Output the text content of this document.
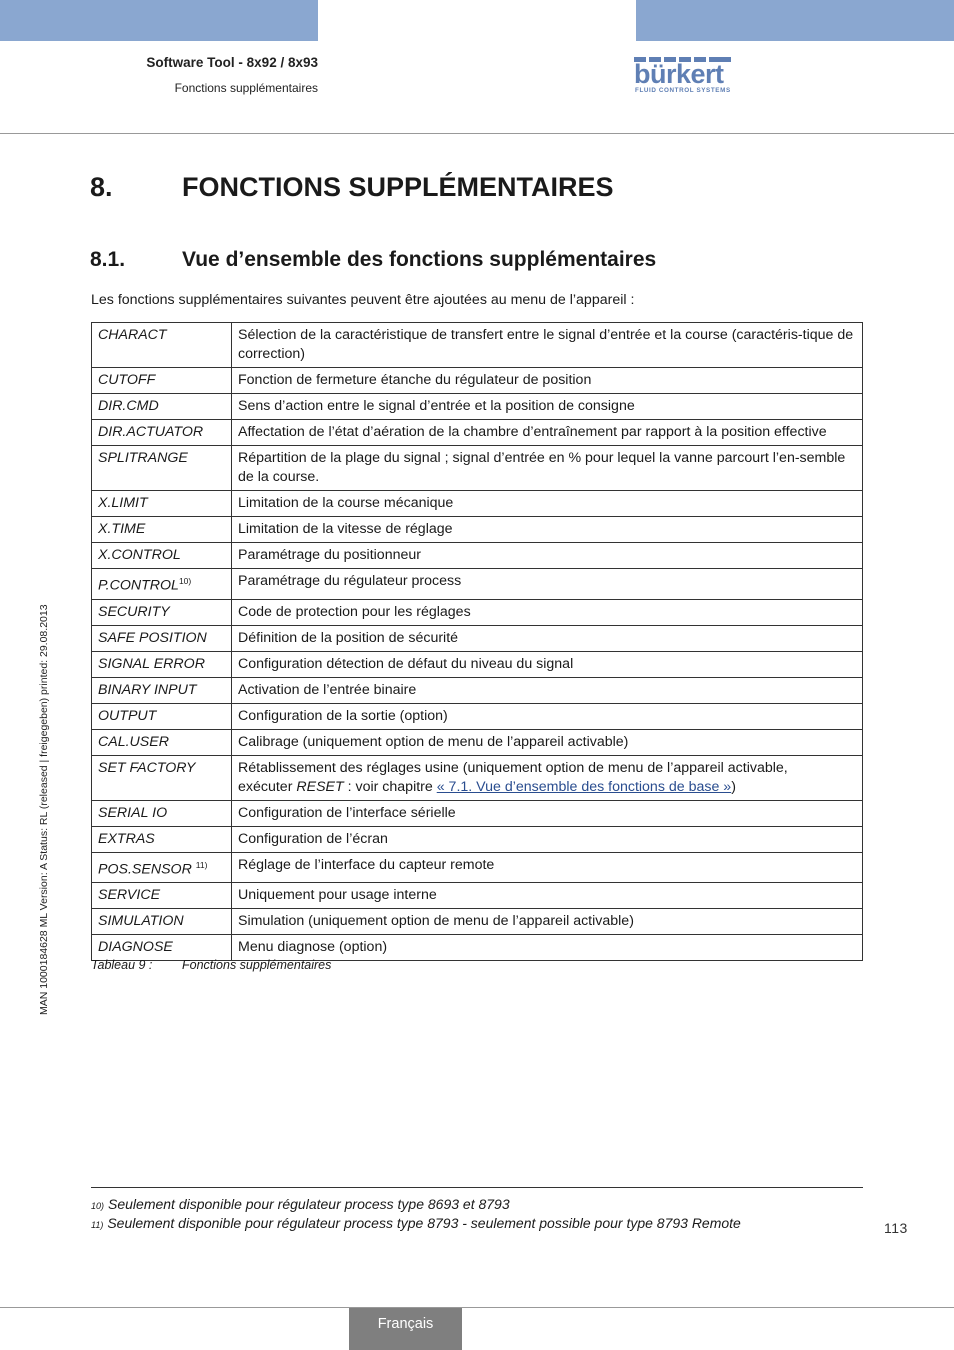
Software Tool - 8x92 / 8x93
Fonctions supplémentaires	bürkert
FLUID CONTROL SYSTEMS
8.	FONCTIONS SUPPLÉMENTAIRES
8.1.	Vue d’ensemble des fonctions supplémentaires
Les fonctions supplémentaires suivantes peuvent être ajoutées au menu de l’appareil :
CHARACT	Sélection de la caractéristique de transfert entre le signal d’entrée et la course (caractéris-tique de correction)
CUTOFF	Fonction de fermeture étanche du régulateur de position
DIR.CMD	Sens d’action entre le signal d’entrée et la position de consigne
DIR.ACTUATOR	Affectation de l’état d’aération de la chambre d’entraînement par rapport à la position effective
SPLITRANGE	Répartition de la plage du signal ; signal d’entrée en % pour lequel la vanne parcourt l’en-semble de la course.
X.LIMIT	Limitation de la course mécanique
X.TIME	Limitation de la vitesse de réglage
X.CONTROL	Paramétrage du positionneur
P.CONTROL$^{10)}$	Paramétrage du régulateur process
SECURITY	Code de protection pour les réglages
SAFE POSITION	Définition de la position de sécurité
SIGNAL ERROR	Configuration détection de défaut du niveau du signal
BINARY INPUT	Activation de l’entrée binaire
OUTPUT	Configuration de la sortie (option)
CAL.USER	Calibrage (uniquement option de menu de l’appareil activable)
SET FACTORY	Rétablissement des réglages usine (uniquement option de menu de l’appareil activable,
exécuter RESET : voir chapitre « 7.1. Vue d’ensemble des fonctions de base »)
SERIAL IO	Configuration de l’interface sérielle
EXTRAS	Configuration de l’écran
POS.SENSOR $^{11)}$	Réglage de l’interface du capteur remote
SERVICE	Uniquement pour usage interne
SIMULATION	Simulation (uniquement option de menu de l’appareil activable)
DIAGNOSE	Menu diagnose (option)
Tableau 9 : Fonctions supplémentaires
MAN 1000184628 ML Version: A Status: RL (released | freigegeben) printed: 29.08.2013
10) Seulement disponible pour régulateur process type 8693 et 8793
11) Seulement disponible pour régulateur process type 8793 - seulement possible pour type 8793 Remote	113
Français
